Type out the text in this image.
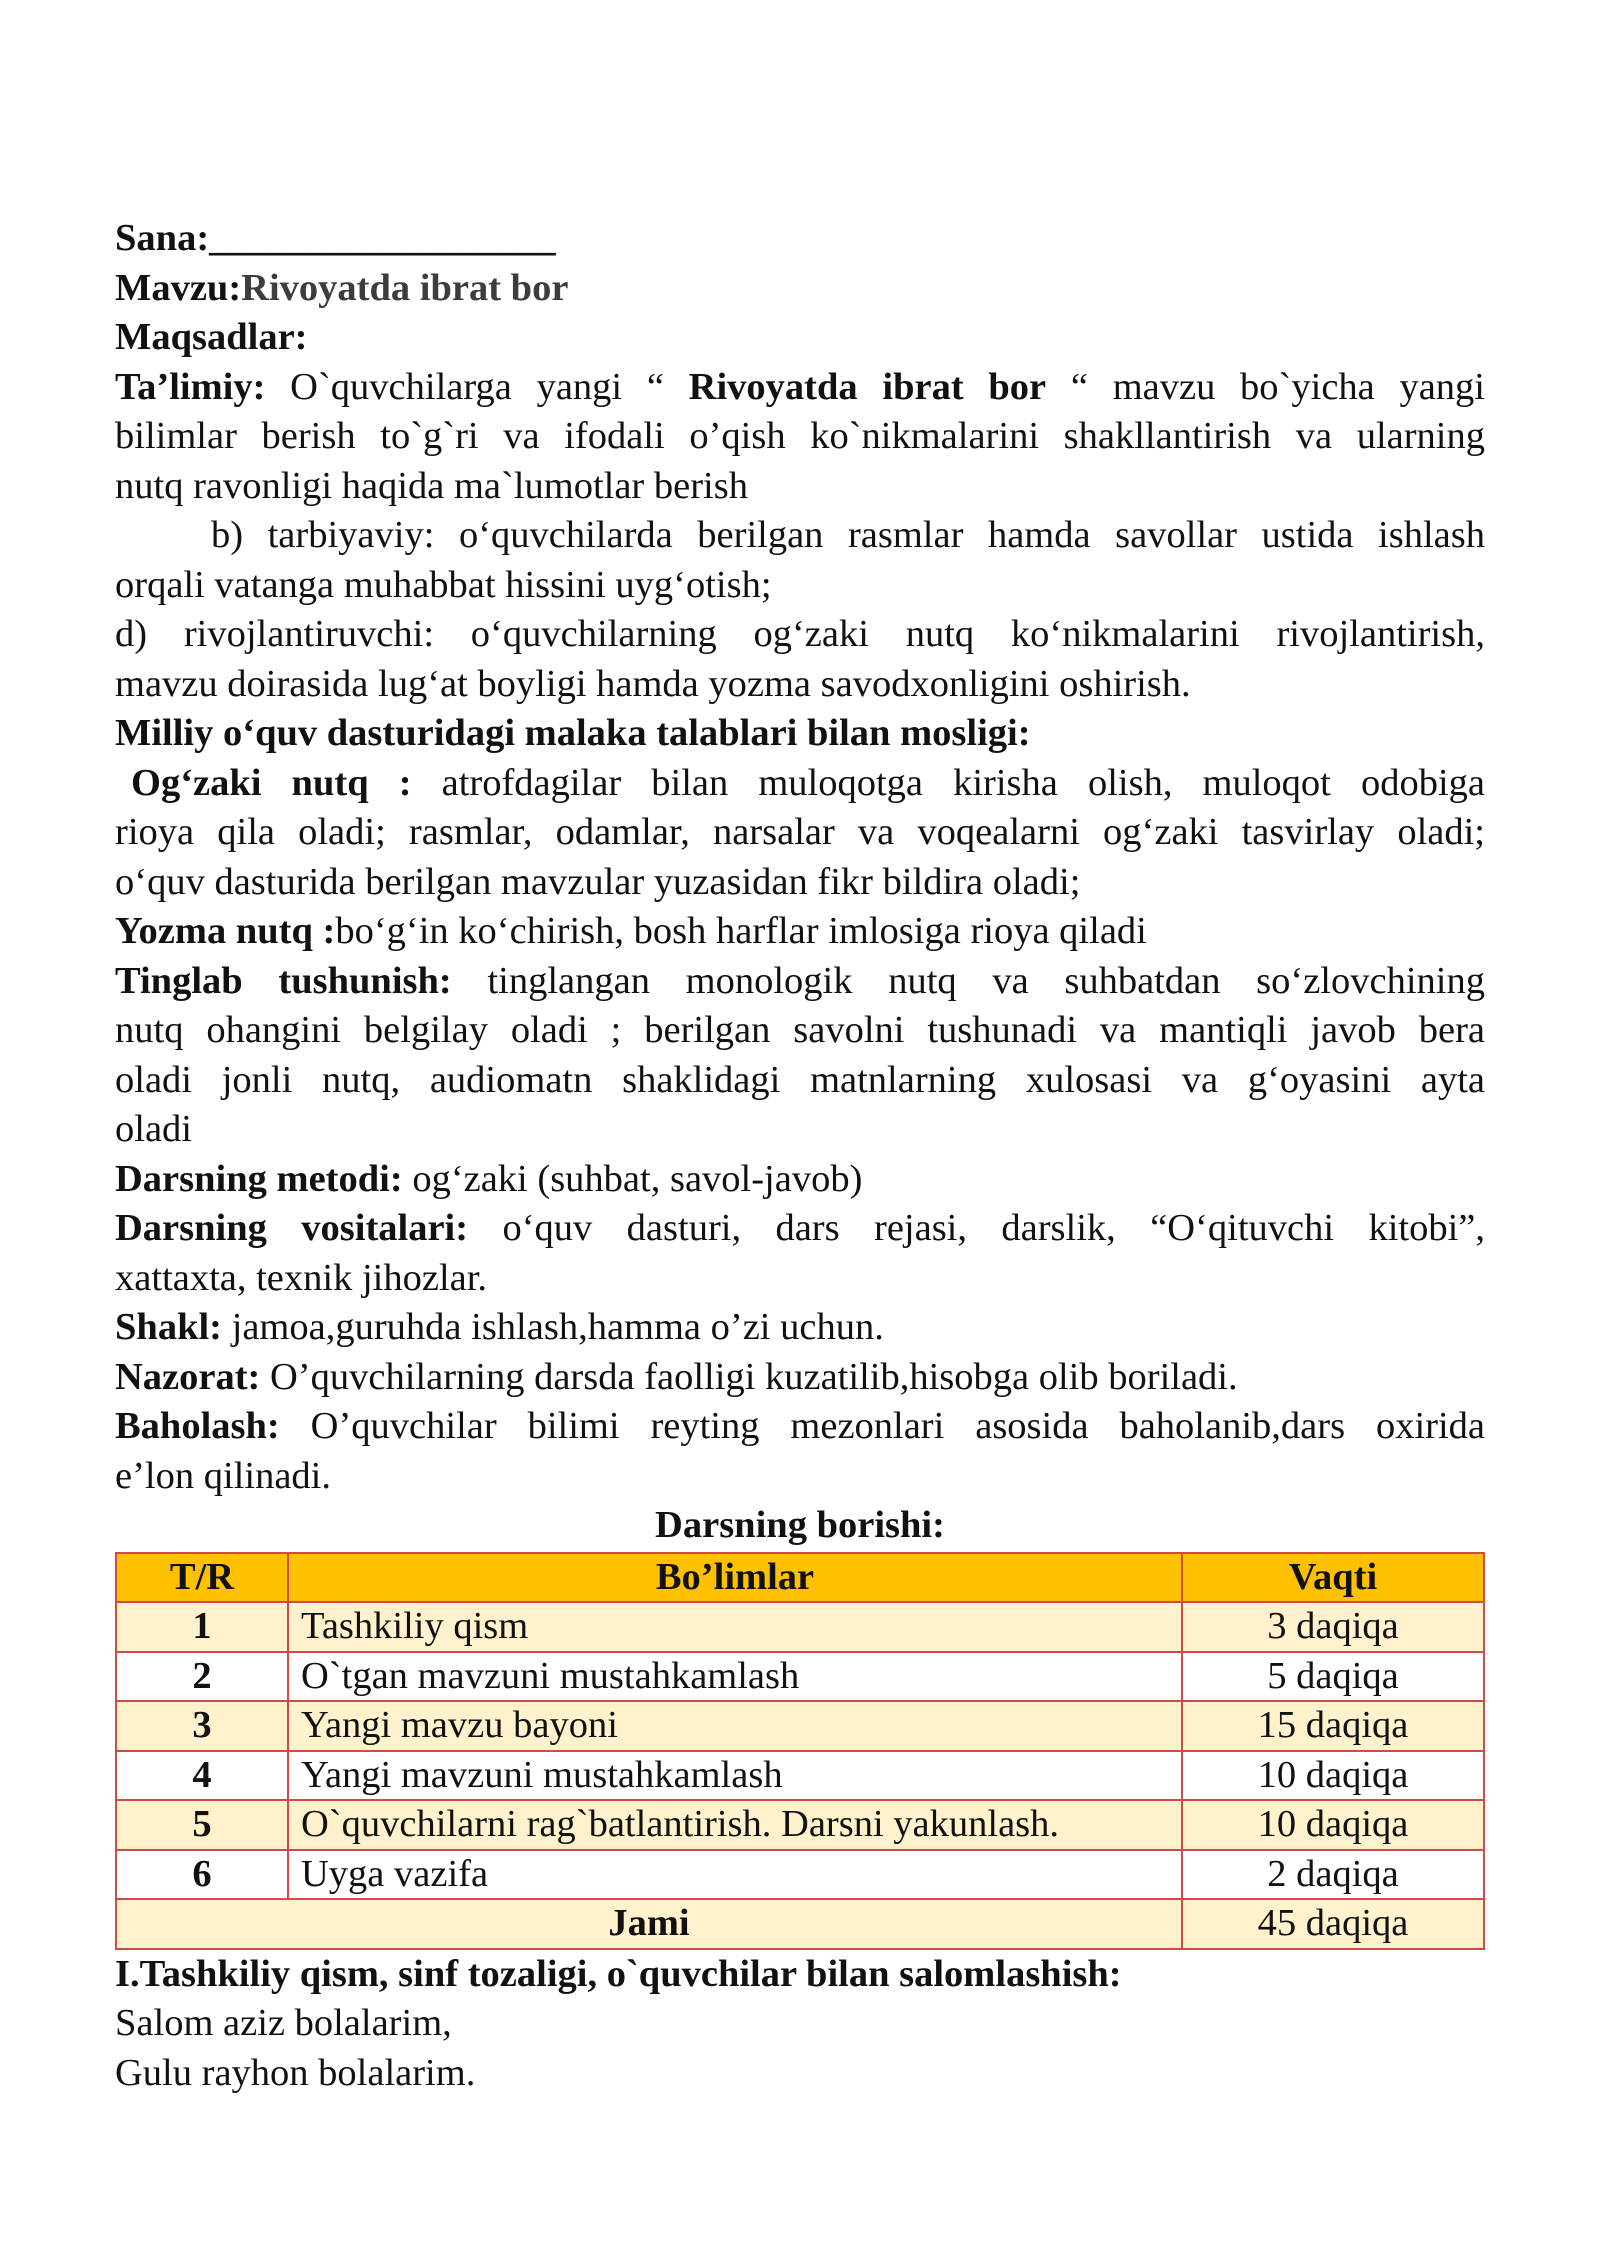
Sana:__________________
Mavzu:Rivoyatda ibrat bor
Maqsadlar:
Ta’limiy: O`quvchilarga yangi “ Rivoyatda ibrat bor “ mavzu bo`yicha yangi
bilimlar berish to`g`ri va ifodali o’qish ko`nikmalarini shakllantirish va ularning
nutq ravonligi haqida ma`lumotlar berish
b) tarbiyaviy: o‘quvchilarda berilgan rasmlar hamda savollar ustida ishlash
orqali vatanga muhabbat hissini uyg‘otish;
d) rivojlantiruvchi: o‘quvchilarning og‘zaki nutq ko‘nikmalarini rivojlantirish,
mavzu doirasida lug‘at boyligi hamda yozma savodxonligini oshirish.
Milliy o‘quv dasturidagi malaka talablari bilan mosligi:
Og‘zaki nutq : atrofdagilar bilan muloqotga kirisha olish, muloqot odobiga
rioya qila oladi; rasmlar, odamlar, narsalar va voqealarni og‘zaki tasvirlay oladi;
o‘quv dasturida berilgan mavzular yuzasidan fikr bildira oladi;
Yozma nutq :bo‘g‘in ko‘chirish, bosh harflar imlosiga rioya qiladi
Tinglab tushunish: tinglangan monologik nutq va suhbatdan so‘zlovchining
nutq ohangini belgilay oladi ; berilgan savolni tushunadi va mantiqli javob bera
oladi jonli nutq, audiomatn shaklidagi matnlarning xulosasi va g‘oyasini ayta
oladi
Darsning metodi: og‘zaki (suhbat, savol-javob)
Darsning vositalari: o‘quv dasturi, dars rejasi, darslik, “O‘qituvchi kitobi”,
xattaxta, texnik jihozlar.
Shakl: jamoa,guruhda ishlash,hamma o’zi uchun.
Nazorat: O’quvchilarning darsda faolligi kuzatilib,hisobga olib boriladi.
Baholash: O’quvchilar bilimi reyting mezonlari asosida baholanib,dars oxirida
e’lon qilinadi.
Darsning borishi:
T/R	Bo’limlar	Vaqti
1	Tashkiliy qism	3 daqiqa
2	O`tgan mavzuni mustahkamlash	5 daqiqa
3	Yangi mavzu bayoni	15 daqiqa
4	Yangi mavzuni mustahkamlash	10 daqiqa
5	O`quvchilarni rag`batlantirish. Darsni yakunlash.	10 daqiqa
6	Uyga vazifa	2 daqiqa
Jami		45 daqiqa
I.Tashkiliy qism, sinf tozaligi, o`quvchilar bilan salomlashish:
Salom aziz bolalarim,
Gulu rayhon bolalarim.
